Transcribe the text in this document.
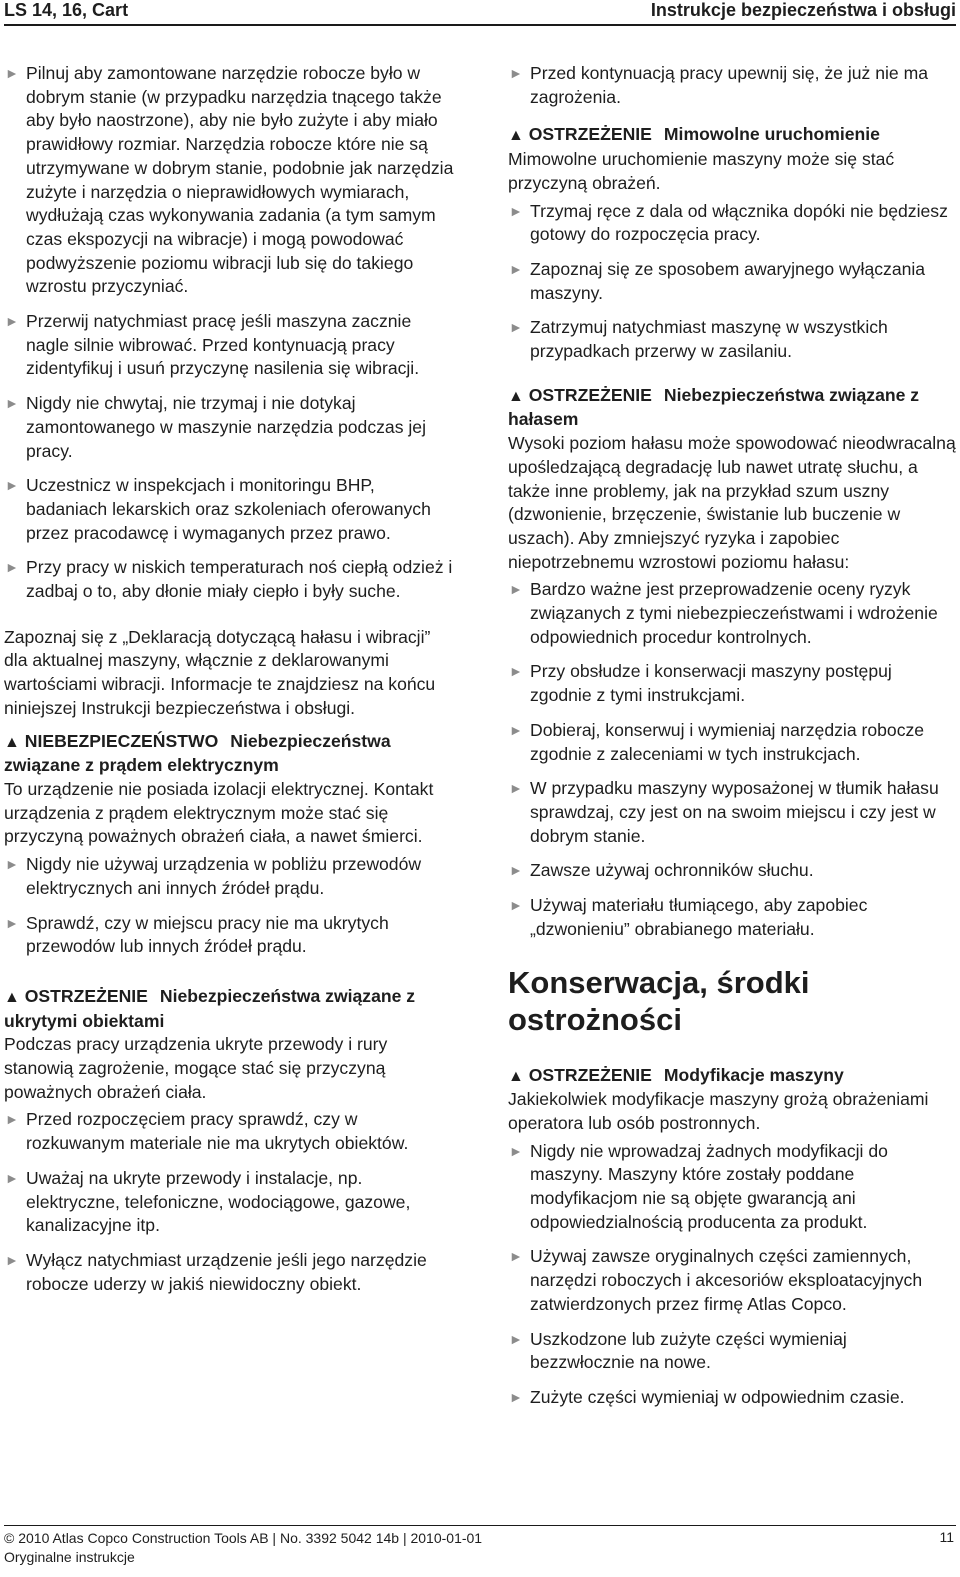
LS 14, 16, Cart	Instrukcje bezpieczeństwa i obsługi
► Pilnuj aby zamontowane narzędzie robocze było w dobrym stanie (w przypadku narzędzia tnącego także aby było naostrzone), aby nie było zużyte i aby miało prawidłowy rozmiar. Narzędzia robocze które nie są utrzymywane w dobrym stanie, podobnie jak narzędzia zużyte i narzędzia o nieprawidłowych wymiarach, wydłużają czas wykonywania zadania (a tym samym czas ekspozycji na wibracje) i mogą powodować podwyższenie poziomu wibracji lub się do takiego wzrostu przyczyniać.
► Przerwij natychmiast pracę jeśli maszyna zacznie nagle silnie wibrować. Przed kontynuacją pracy zidentyfikuj i usuń przyczynę nasilenia się wibracji.
► Nigdy nie chwytaj, nie trzymaj i nie dotykaj zamontowanego w maszynie narzędzia podczas jej pracy.
► Uczestnicz w inspekcjach i monitoringu BHP, badaniach lekarskich oraz szkoleniach oferowanych przez pracodawcę i wymaganych przez prawo.
► Przy pracy w niskich temperaturach noś ciepłą odzież i zadbaj o to, aby dłonie miały ciepło i były suche.
Zapoznaj się z „Deklaracją dotyczącą hałasu i wibracji” dla aktualnej maszyny, włącznie z deklarowanymi wartościami wibracji. Informacje te znajdziesz na końcu niniejszej Instrukcji bezpieczeństwa i obsługi.
▲ NIEBEZPIECZEŃSTWO Niebezpieczeństwa związane z prądem elektrycznym
To urządzenie nie posiada izolacji elektrycznej. Kontakt urządzenia z prądem elektrycznym może stać się przyczyną poważnych obrażeń ciała, a nawet śmierci.
► Nigdy nie używaj urządzenia w pobliżu przewodów elektrycznych ani innych źródeł prądu.
► Sprawdź, czy w miejscu pracy nie ma ukrytych przewodów lub innych źródeł prądu.
▲ OSTRZEŻENIE Niebezpieczeństwa związane z ukrytymi obiektami
Podczas pracy urządzenia ukryte przewody i rury stanowią zagrożenie, mogące stać się przyczyną poważnych obrażeń ciała.
► Przed rozpoczęciem pracy sprawdź, czy w rozkuwanym materiale nie ma ukrytych obiektów.
► Uważaj na ukryte przewody i instalacje, np. elektryczne, telefoniczne, wodociągowe, gazowe, kanalizacyjne itp.
► Wyłącz natychmiast urządzenie jeśli jego narzędzie robocze uderzy w jakiś niewidoczny obiekt.
► Przed kontynuacją pracy upewnij się, że już nie ma zagrożenia.
▲ OSTRZEŻENIE Mimowolne uruchomienie
Mimowolne uruchomienie maszyny może się stać przyczyną obrażeń.
► Trzymaj ręce z dala od włącznika dopóki nie będziesz gotowy do rozpoczęcia pracy.
► Zapoznaj się ze sposobem awaryjnego wyłączania maszyny.
► Zatrzymuj natychmiast maszynę w wszystkich przypadkach przerwy w zasilaniu.
▲ OSTRZEŻENIE Niebezpieczeństwa związane z hałasem
Wysoki poziom hałasu może spowodować nieodwracalną upośledzającą degradację lub nawet utratę słuchu, a także inne problemy, jak na przykład szum uszny (dzwonienie, brzęczenie, świstanie lub buczenie w uszach). Aby zmniejszyć ryzyka i zapobiec niepotrzebnemu wzrostowi poziomu hałasu:
► Bardzo ważne jest przeprowadzenie oceny ryzyk związanych z tymi niebezpieczeństwami i wdrożenie odpowiednich procedur kontrolnych.
► Przy obsłudze i konserwacji maszyny postępuj zgodnie z tymi instrukcjami.
► Dobieraj, konserwuj i wymieniaj narzędzia robocze zgodnie z zaleceniami w tych instrukcjach.
► W przypadku maszyny wyposażonej w tłumik hałasu sprawdzaj, czy jest on na swoim miejscu i czy jest w dobrym stanie.
► Zawsze używaj ochronników słuchu.
► Używaj materiału tłumiącego, aby zapobiec „dzwonieniu” obrabianego materiału.
Konserwacja, środki ostrożności
▲ OSTRZEŻENIE Modyfikacje maszyny
Jakiekolwiek modyfikacje maszyny grożą obrażeniami operatora lub osób postronnych.
► Nigdy nie wprowadzaj żadnych modyfikacji do maszyny. Maszyny które zostały poddane modyfikacjom nie są objęte gwarancją ani odpowiedzialnością producenta za produkt.
► Używaj zawsze oryginalnych części zamiennych, narzędzi roboczych i akcesoriów eksploatacyjnych zatwierdzonych przez firmę Atlas Copco.
► Uszkodzone lub zużyte części wymieniaj bezzwłocznie na nowe.
► Zużyte części wymieniaj w odpowiednim czasie.
© 2010 Atlas Copco Construction Tools AB | No. 3392 5042 14b | 2010-01-01
Oryginalne instrukcje
11
